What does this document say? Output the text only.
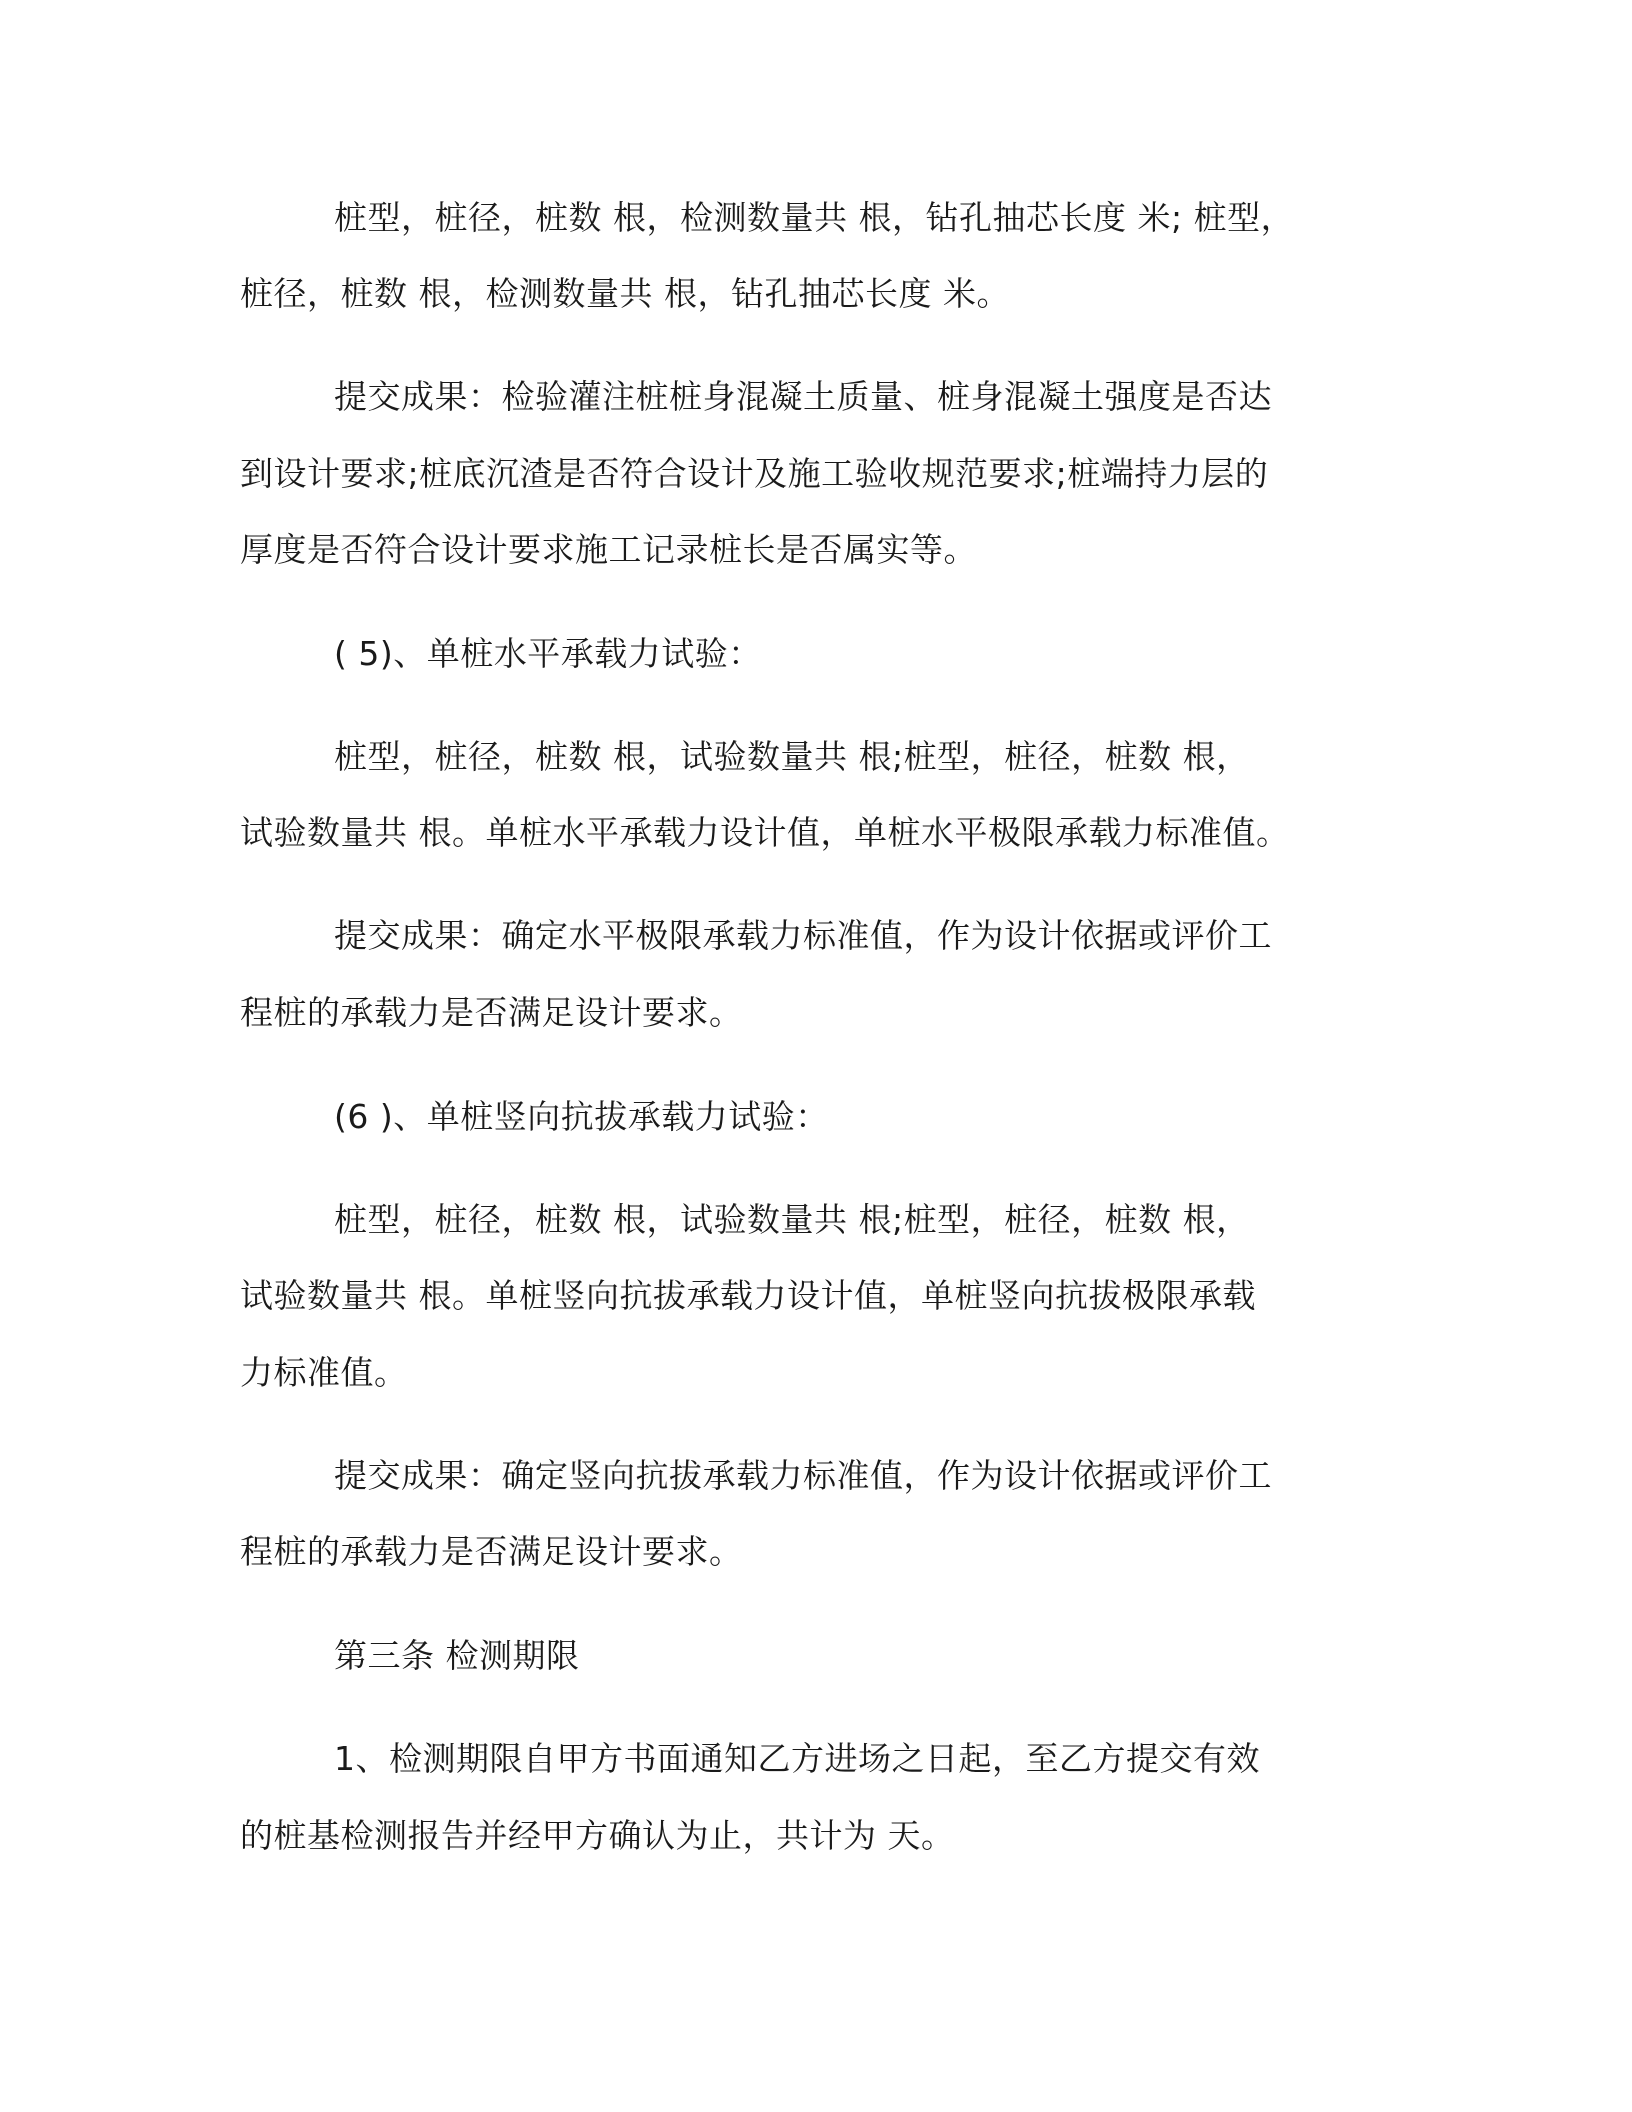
桩型，桩径，桩数 根，检测数量共 根，钻孔抽芯长度 米; 桩型，
桩径，桩数 根，检测数量共 根，钻孔抽芯长度 米。
提交成果：检验灌注桩桩身混凝土质量、桩身混凝土强度是否达
到设计要求;桩底沉渣是否符合设计及施工验收规范要求;桩端持力层的
厚度是否符合设计要求施工记录桩长是否属实等。
( 5)、单桩水平承载力试验：
桩型，桩径，桩数 根，试验数量共 根;桩型，桩径，桩数 根，
试验数量共 根。单桩水平承载力设计值，单桩水平极限承载力标准值。
提交成果：确定水平极限承载力标准值，作为设计依据或评价工
程桩的承载力是否满足设计要求。
(6 )、单桩竖向抗拔承载力试验：
桩型，桩径，桩数 根，试验数量共 根;桩型，桩径，桩数 根，
试验数量共 根。单桩竖向抗拔承载力设计值，单桩竖向抗拔极限承载
力标准值。
提交成果：确定竖向抗拔承载力标准值，作为设计依据或评价工
程桩的承载力是否满足设计要求。
第三条 检测期限
1、检测期限自甲方书面通知乙方进场之日起，至乙方提交有效
的桩基检测报告并经甲方确认为止，共计为 天。
